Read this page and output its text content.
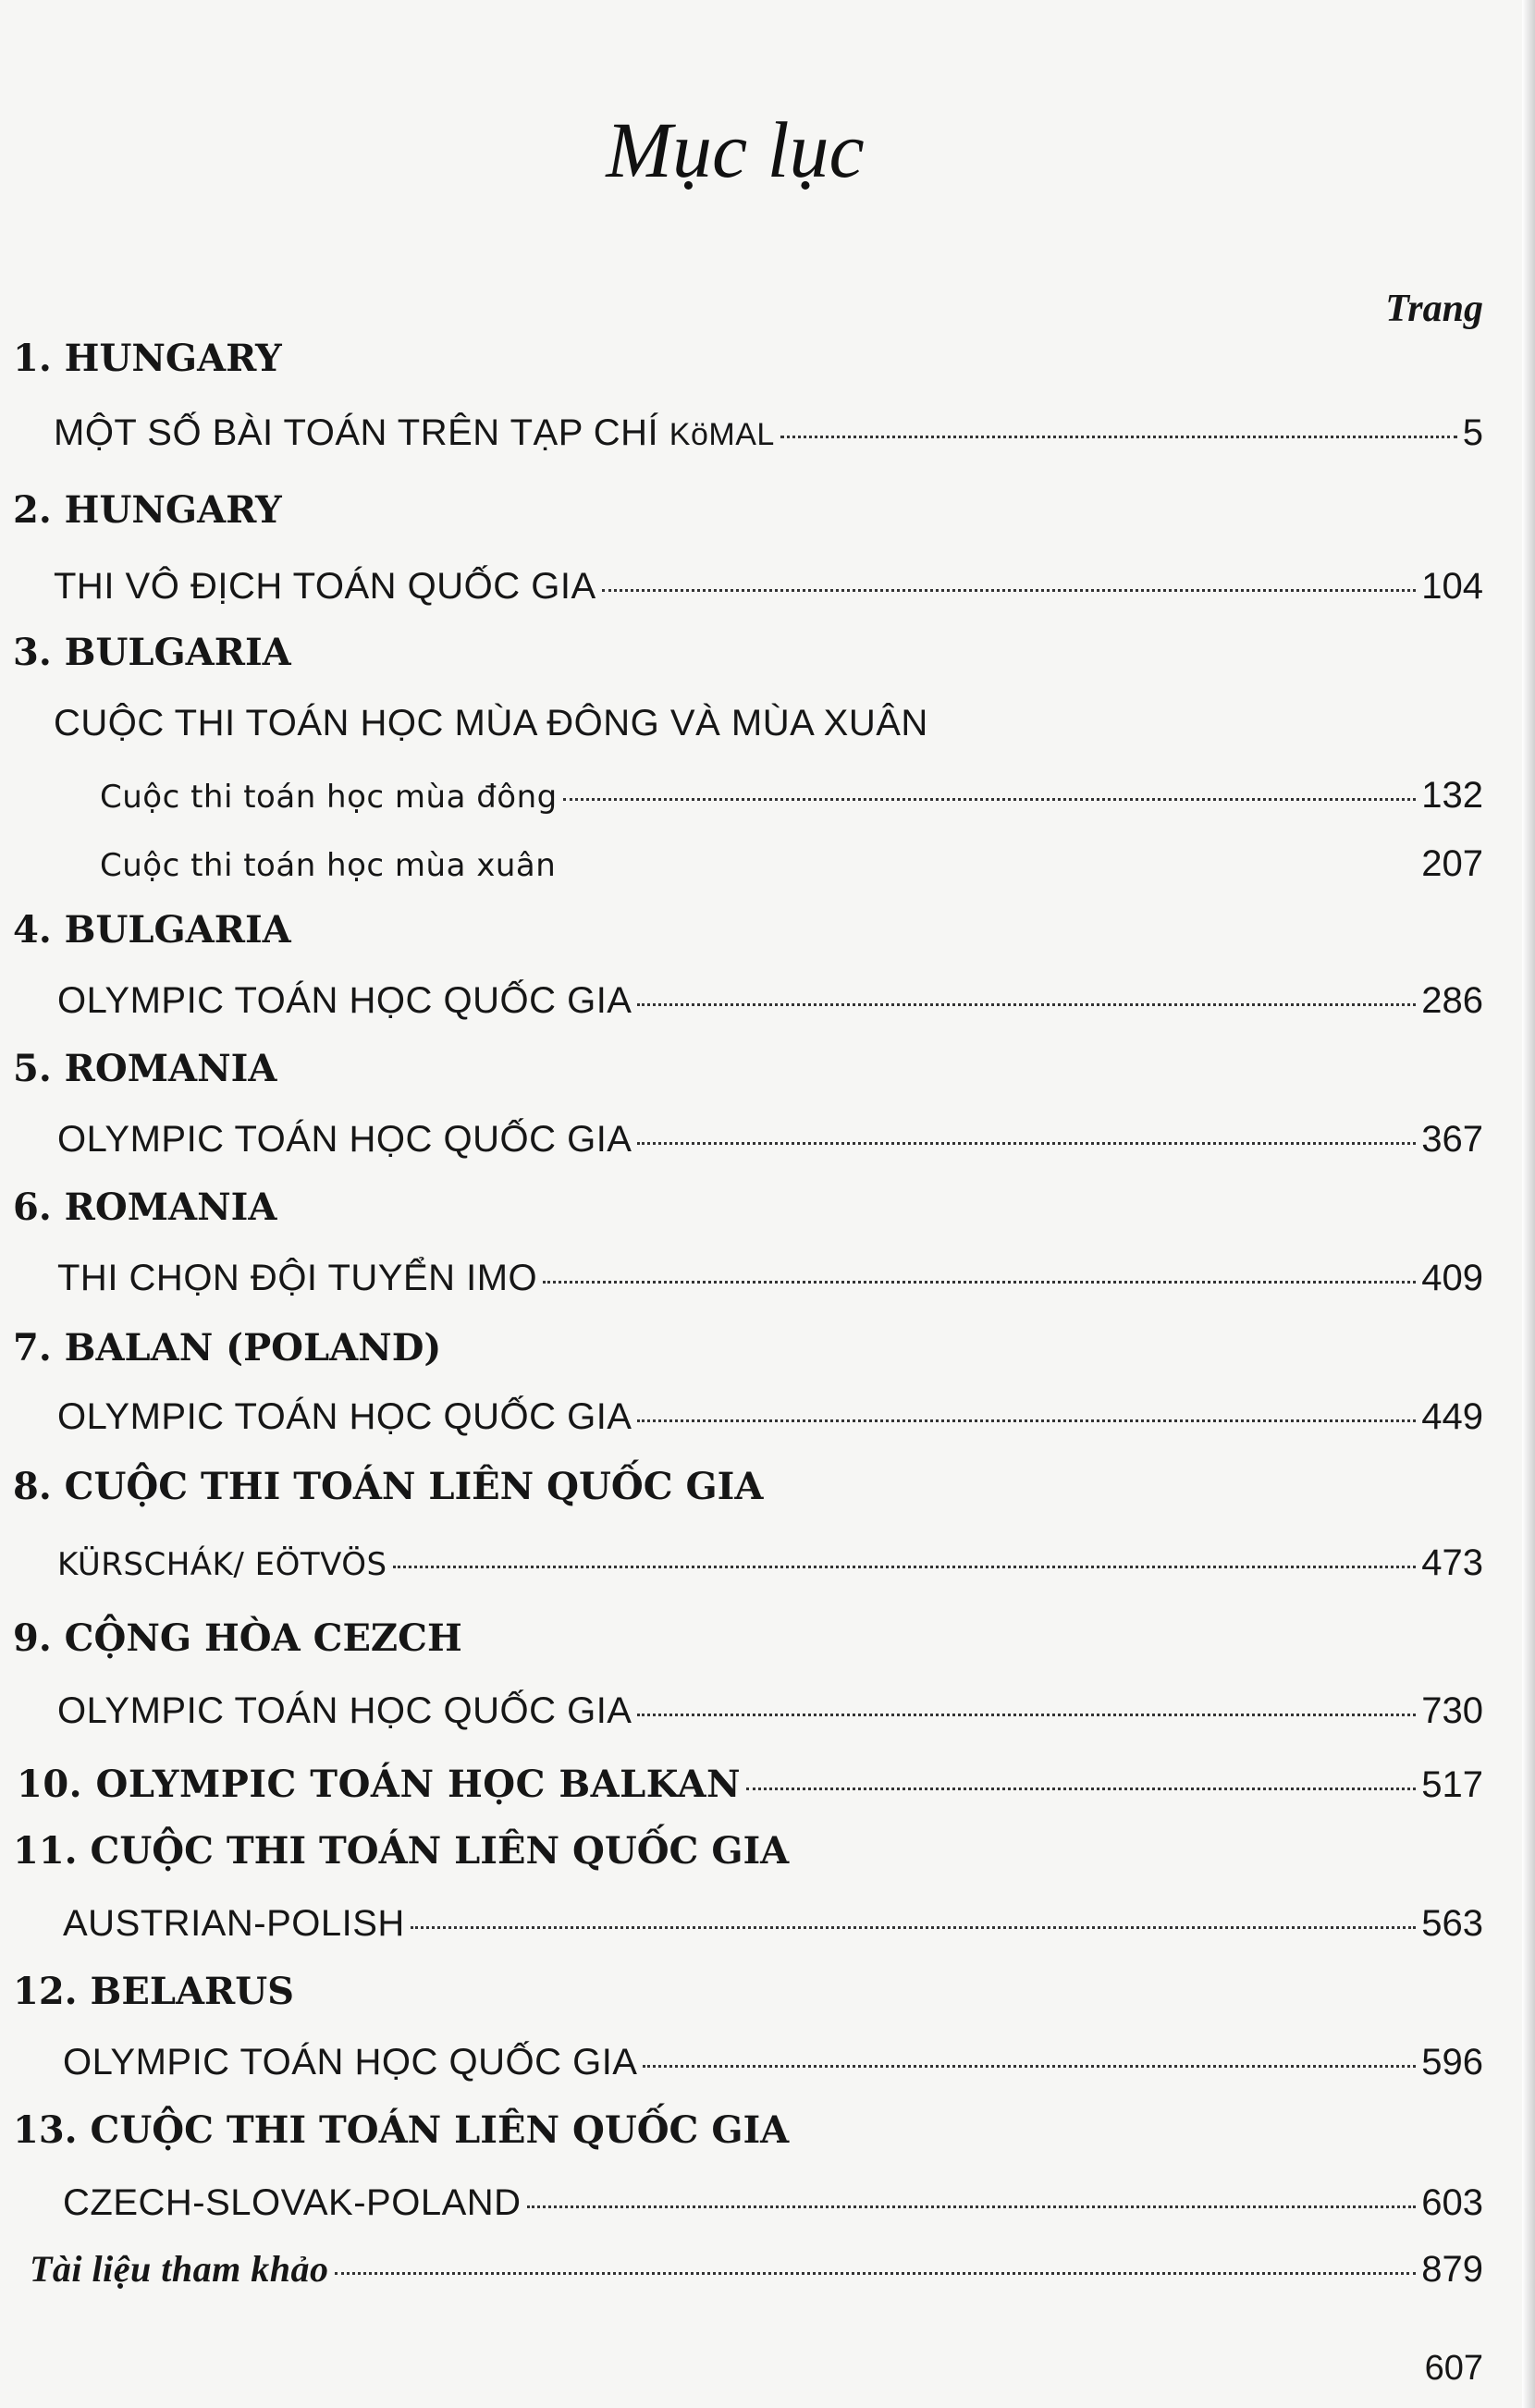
Mục lục
Trang
1. HUNGARY
MỘT SỐ BÀI TOÁN TRÊN TẠP CHÍ KöMAL	5
2. HUNGARY
THI VÔ ĐỊCH TOÁN QUỐC GIA	104
3. BULGARIA
CUỘC THI TOÁN HỌC MÙA ĐÔNG VÀ MÙA XUÂN
Cuộc thi toán học mùa đông	132
Cuộc thi toán học mùa xuân	207
4. BULGARIA
OLYMPIC TOÁN HỌC QUỐC GIA	286
5. ROMANIA
OLYMPIC TOÁN HỌC QUỐC GIA	367
6. ROMANIA
THI CHỌN ĐỘI TUYỂN IMO	409
7. BALAN (POLAND)
OLYMPIC TOÁN HỌC QUỐC GIA	449
8. CUỘC THI TOÁN LIÊN QUỐC GIA
KÜRSCHÁK/ EÖTVÖS	473
9. CỘNG HÒA CEZCH
OLYMPIC TOÁN HỌC QUỐC GIA	730
10. OLYMPIC TOÁN HỌC BALKAN	517
11. CUỘC THI TOÁN LIÊN QUỐC GIA
AUSTRIAN-POLISH	563
12. BELARUS
OLYMPIC TOÁN HỌC QUỐC GIA	596
13. CUỘC THI TOÁN LIÊN QUỐC GIA
CZECH-SLOVAK-POLAND	603
Tài liệu tham khảo	879
607
